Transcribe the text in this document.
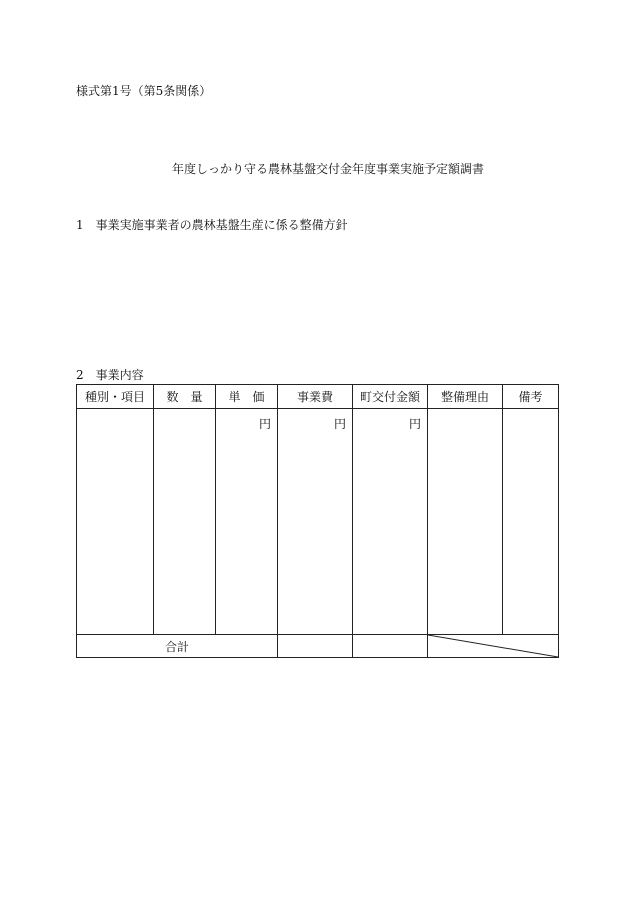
様式第1号（第5条関係）
年度しっかり守る農林基盤交付金年度事業実施予定額調書
1　事業実施事業者の農林基盤生産に係る整備方針
2　事業内容
種別・項目	数　量	単　価	事業費	町交付金額	整備理由	備考
		円	円	円		
合計			
